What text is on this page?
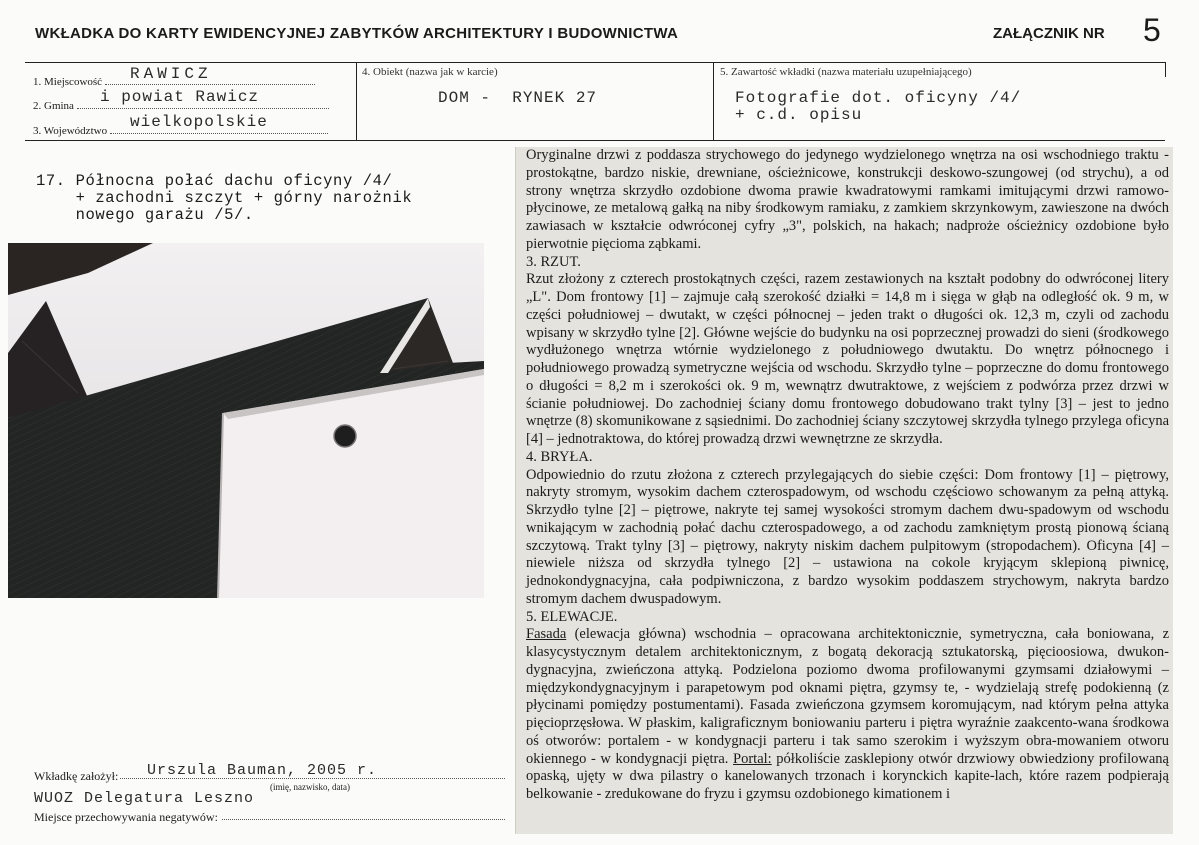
WKŁADKA DO KARTY EWIDENCYJNEJ ZABYTKÓW ARCHITEKTURY I BUDOWNICTWA	ZAŁĄCZNIK NR 5
1. Miejscowość	RAWICZ
2. Gmina	i powiat Rawicz
3. Województwo	wielkopolskie
4. Obiekt (nazwa jak w karcie)
DOM -  RYNEK 27
5. Zawartość wkładki (nazwa materiału uzupełniającego)
Fotografie dot. oficyny /4/
+ c.d. opisu
17. Północna połać dachu oficyny /4/
+ zachodni szczyt + górny narożnik
nowego garażu /5/.

Oryginalne drzwi z poddasza strychowego do jedynego wydzielonego wnętrza na osi wschodniego traktu - prostokątne, bardzo niskie, drewniane, ościeżnicowe, konstrukcji deskowo-szungowej (od strychu), a od strony wnętrza skrzydło ozdobione dwoma prawie kwadratowymi ramkami imitującymi drzwi ramowo-płycinowe, ze metalową gałką na niby środkowym ramiaku, z zamkiem skrzynkowym, zawieszone na dwóch zawiasach w kształcie odwróconej cyfry „3", polskich, na hakach; nadproże ościeżnicy ozdobione było pierwotnie pięciomа ząbkami.

3. RZUT.

Rzut złożony z czterech prostokątnych części, razem zestawionych na kształt podobny do odwróconej litery „L". Dom frontowy [1] – zajmuje całą szerokość działki = 14,8 m i sięga w głąb na odległość ok. 9 m, w części południowej – dwutakt, w części północnej – jeden trakt o długości ok. 12,3 m, czyli od zachodu wpisany w skrzydło tylne [2]. Główne wejście do budynku na osi poprzecznej prowadzi do sieni (środkowego wydłużonego wnętrza wtórnie wydzielonego z południowego dwutaktu. Do wnętrz północnego i południowego prowadzą symetryczne wejścia od wschodu. Skrzydło tylne – poprzeczne do domu frontowego o długości = 8,2 m i szerokości ok. 9 m, wewnątrz dwutraktowe, z wejściem z podwórza przez drzwi w ścianie południowej. Do zachodniej ściany domu frontowego dobudowano trakt tylny [3] – jest to jedno wnętrze (8) skomunikowane z sąsiednimi. Do zachodniej ściany szczytowej skrzydła tylnego przylega oficyna [4] – jednotraktowa, do której prowadzą drzwi wewnętrzne ze skrzydła.

4. BRYŁA.

Odpowiednio do rzutu złożona z czterech przylegających do siebie części: Dom frontowy [1] – piętrowy, nakryty stromym, wysokim dachem czterospadowym, od wschodu częściowo schowanym za pełną attyką. Skrzydło tylne [2] – piętrowe, nakryte tej samej wysokości stromym dachem dwu-spadowym od wschodu wnikającym w zachodnią połać dachu czterospadowego, a od zachodu zamkniętym prostą pionową ścianą szczytową. Trakt tylny [3] – piętrowy, nakryty niskim dachem pulpitowym (stropodachem). Oficyna [4] – niewiele niższa od skrzydła tylnego [2] – ustawiona na cokole kryjącym sklepioną piwnicę, jednokondygnacyjna, cała podpiwniczona, z bardzo wysokim poddaszem strychowym, nakryta bardzo stromym dachem dwuspadowym.

5. ELEWACJE.

Fasada (elewacja główna) wschodnia – opracowana architektonicznie, symetryczna, cała boniowana, z klasycystycznym detalem architektonicznym, z bogatą dekoracją sztukatorską, pięcioosiowa, dwukon-dygnacyjna, zwieńczona attyką. Podzielona poziomo dwoma profilowanymi gzymsami działowymi – międzykondygnacyjnym i parapetowym pod oknami piętra, gzymsy te, - wydzielają strefę podokienną (z płycinami pomiędzy postumentami). Fasada zwieńczona gzymsem koromującym, nad którym pełna attyka pięcioprzęsłowa. W płaskim, kaligraficznym boniowaniu parteru i piętra wyraźnie zaakcento-wana środkowa oś otworów: portalem - w kondygnacji parteru i tak samo szerokim i wyższym obra-mowaniem otworu okiennego - w kondygnacji piętra. Portal: półkoliście zasklepiony otwór drzwiowy obwiedziony profilowaną opaską, ujęty w dwa pilastry o kanelowanych trzonach i korynckich kapite-lach, które razem podpierają belkowanie - zredukowane do fryzu i gzymsu ozdobionego kimationem i

Wkładkę założył: Urszula Bauman, 2005 r.
(imię, nazwisko, data)
WUOZ Delegatura Leszno
Miejsce przechowywania negatywów:
